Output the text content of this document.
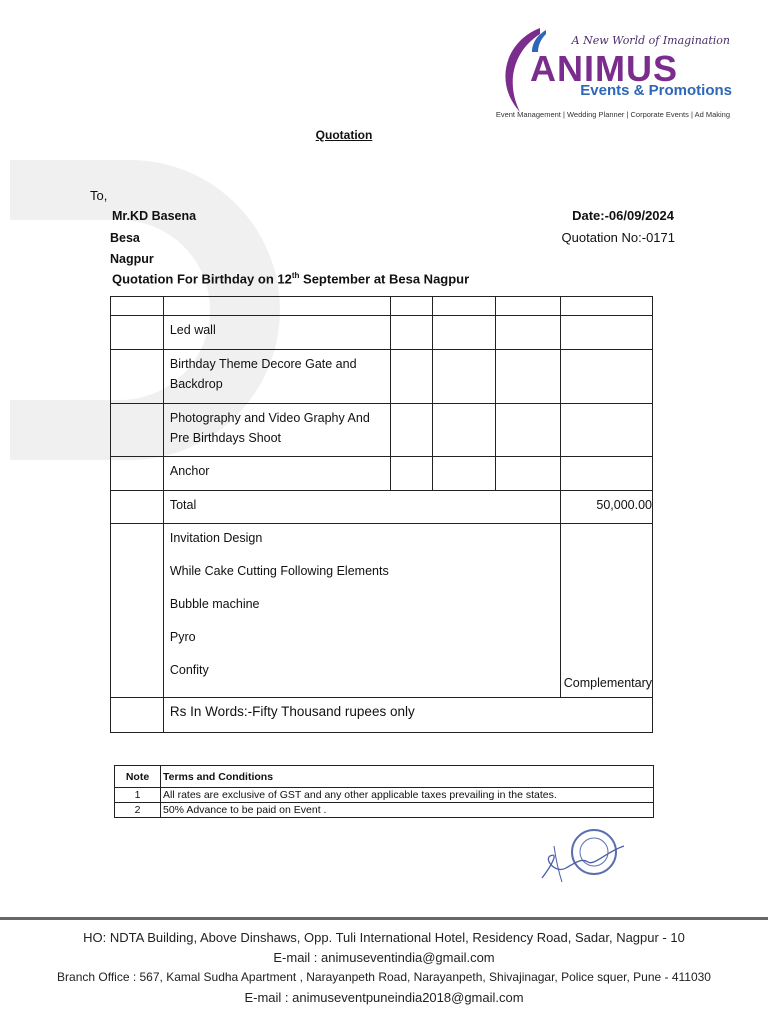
A New World of Imagination
ANIMUS
Events & Promotions
Event Management | Wedding Planner | Corporate Events | Ad Making
Quotation
To,
Mr.KD Basena
Besa
Nagpur
Date:-06/09/2024
Quotation No:-0171
Quotation For Birthday on 12th September at Besa Nagpur

	Led wall				
	Birthday Theme Decore Gate and Backdrop				
	Photography and Video Graphy And Pre Birthdays Shoot				
	Anchor				
	Total				50,000.00

	Invitation Design
While Cake Cutting Following Elements
Bubble machine
Pyro
Confity				Complementary
	Rs In Words:-Fifty Thousand rupees only				
Note	Terms and Conditions
1	All rates are exclusive of GST and any other applicable taxes prevailing in the states.
2	50% Advance to be paid on Event .
HO: NDTA Building, Above Dinshaws, Opp. Tuli International Hotel, Residency Road, Sadar, Nagpur - 10
E-mail : animuseventindia@gmail.com
Branch Office : 567, Kamal Sudha Apartment , Narayanpeth Road, Narayanpeth, Shivajinagar, Police squer, Pune - 411030
E-mail : animuseventpuneindia2018@gmail.com
